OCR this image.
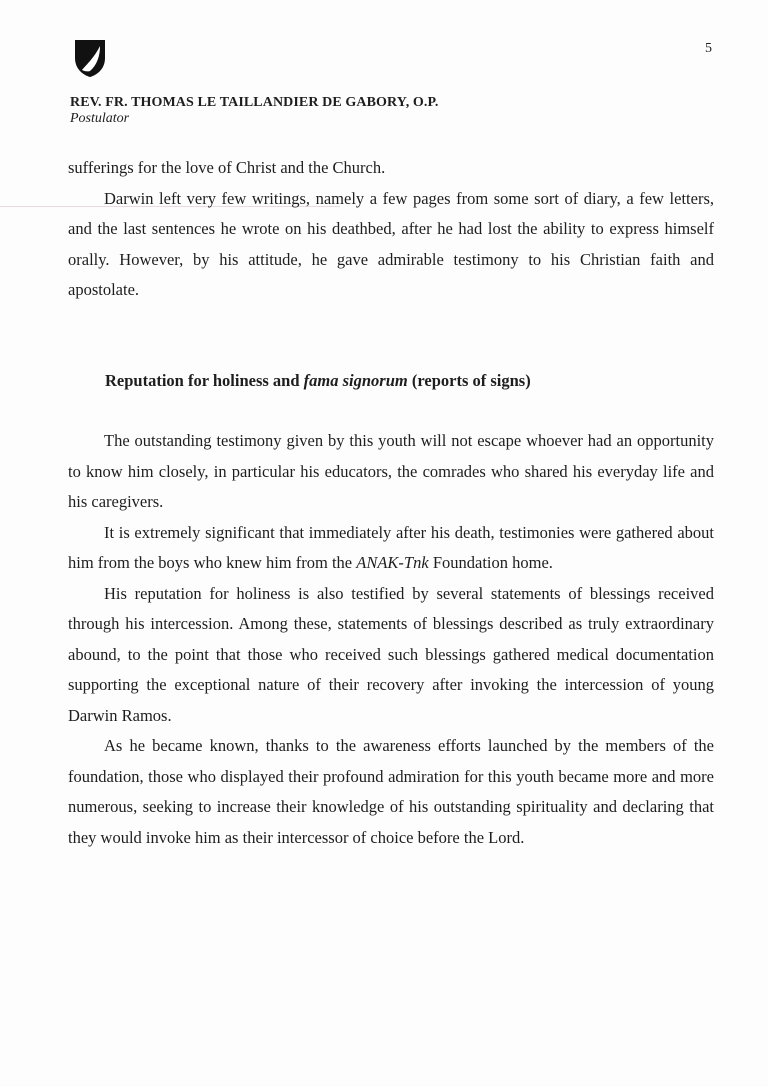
5
REV. FR. THOMAS LE TAILLANDIER DE GABORY, O.P.
Postulator

sufferings for the love of Christ and the Church.

Darwin left very few writings, namely a few pages from some sort of diary, a few letters, and the last sentences he wrote on his deathbed, after he had lost the ability to express himself orally. However, by his attitude, he gave admirable testimony to his Christian faith and apostolate.

Reputation for holiness and fama signorum (reports of signs)

The outstanding testimony given by this youth will not escape whoever had an opportunity to know him closely, in particular his educators, the comrades who shared his everyday life and his caregivers.

It is extremely significant that immediately after his death, testimonies were gathered about him from the boys who knew him from the ANAK-Tnk Foundation home.

His reputation for holiness is also testified by several statements of blessings received through his intercession. Among these, statements of blessings described as truly extraordinary abound, to the point that those who received such blessings gathered medical documentation supporting the exceptional nature of their recovery after invoking the intercession of young Darwin Ramos.

As he became known, thanks to the awareness efforts launched by the members of the foundation, those who displayed their profound admiration for this youth became more and more numerous, seeking to increase their knowledge of his outstanding spirituality and declaring that they would invoke him as their intercessor of choice before the Lord.
